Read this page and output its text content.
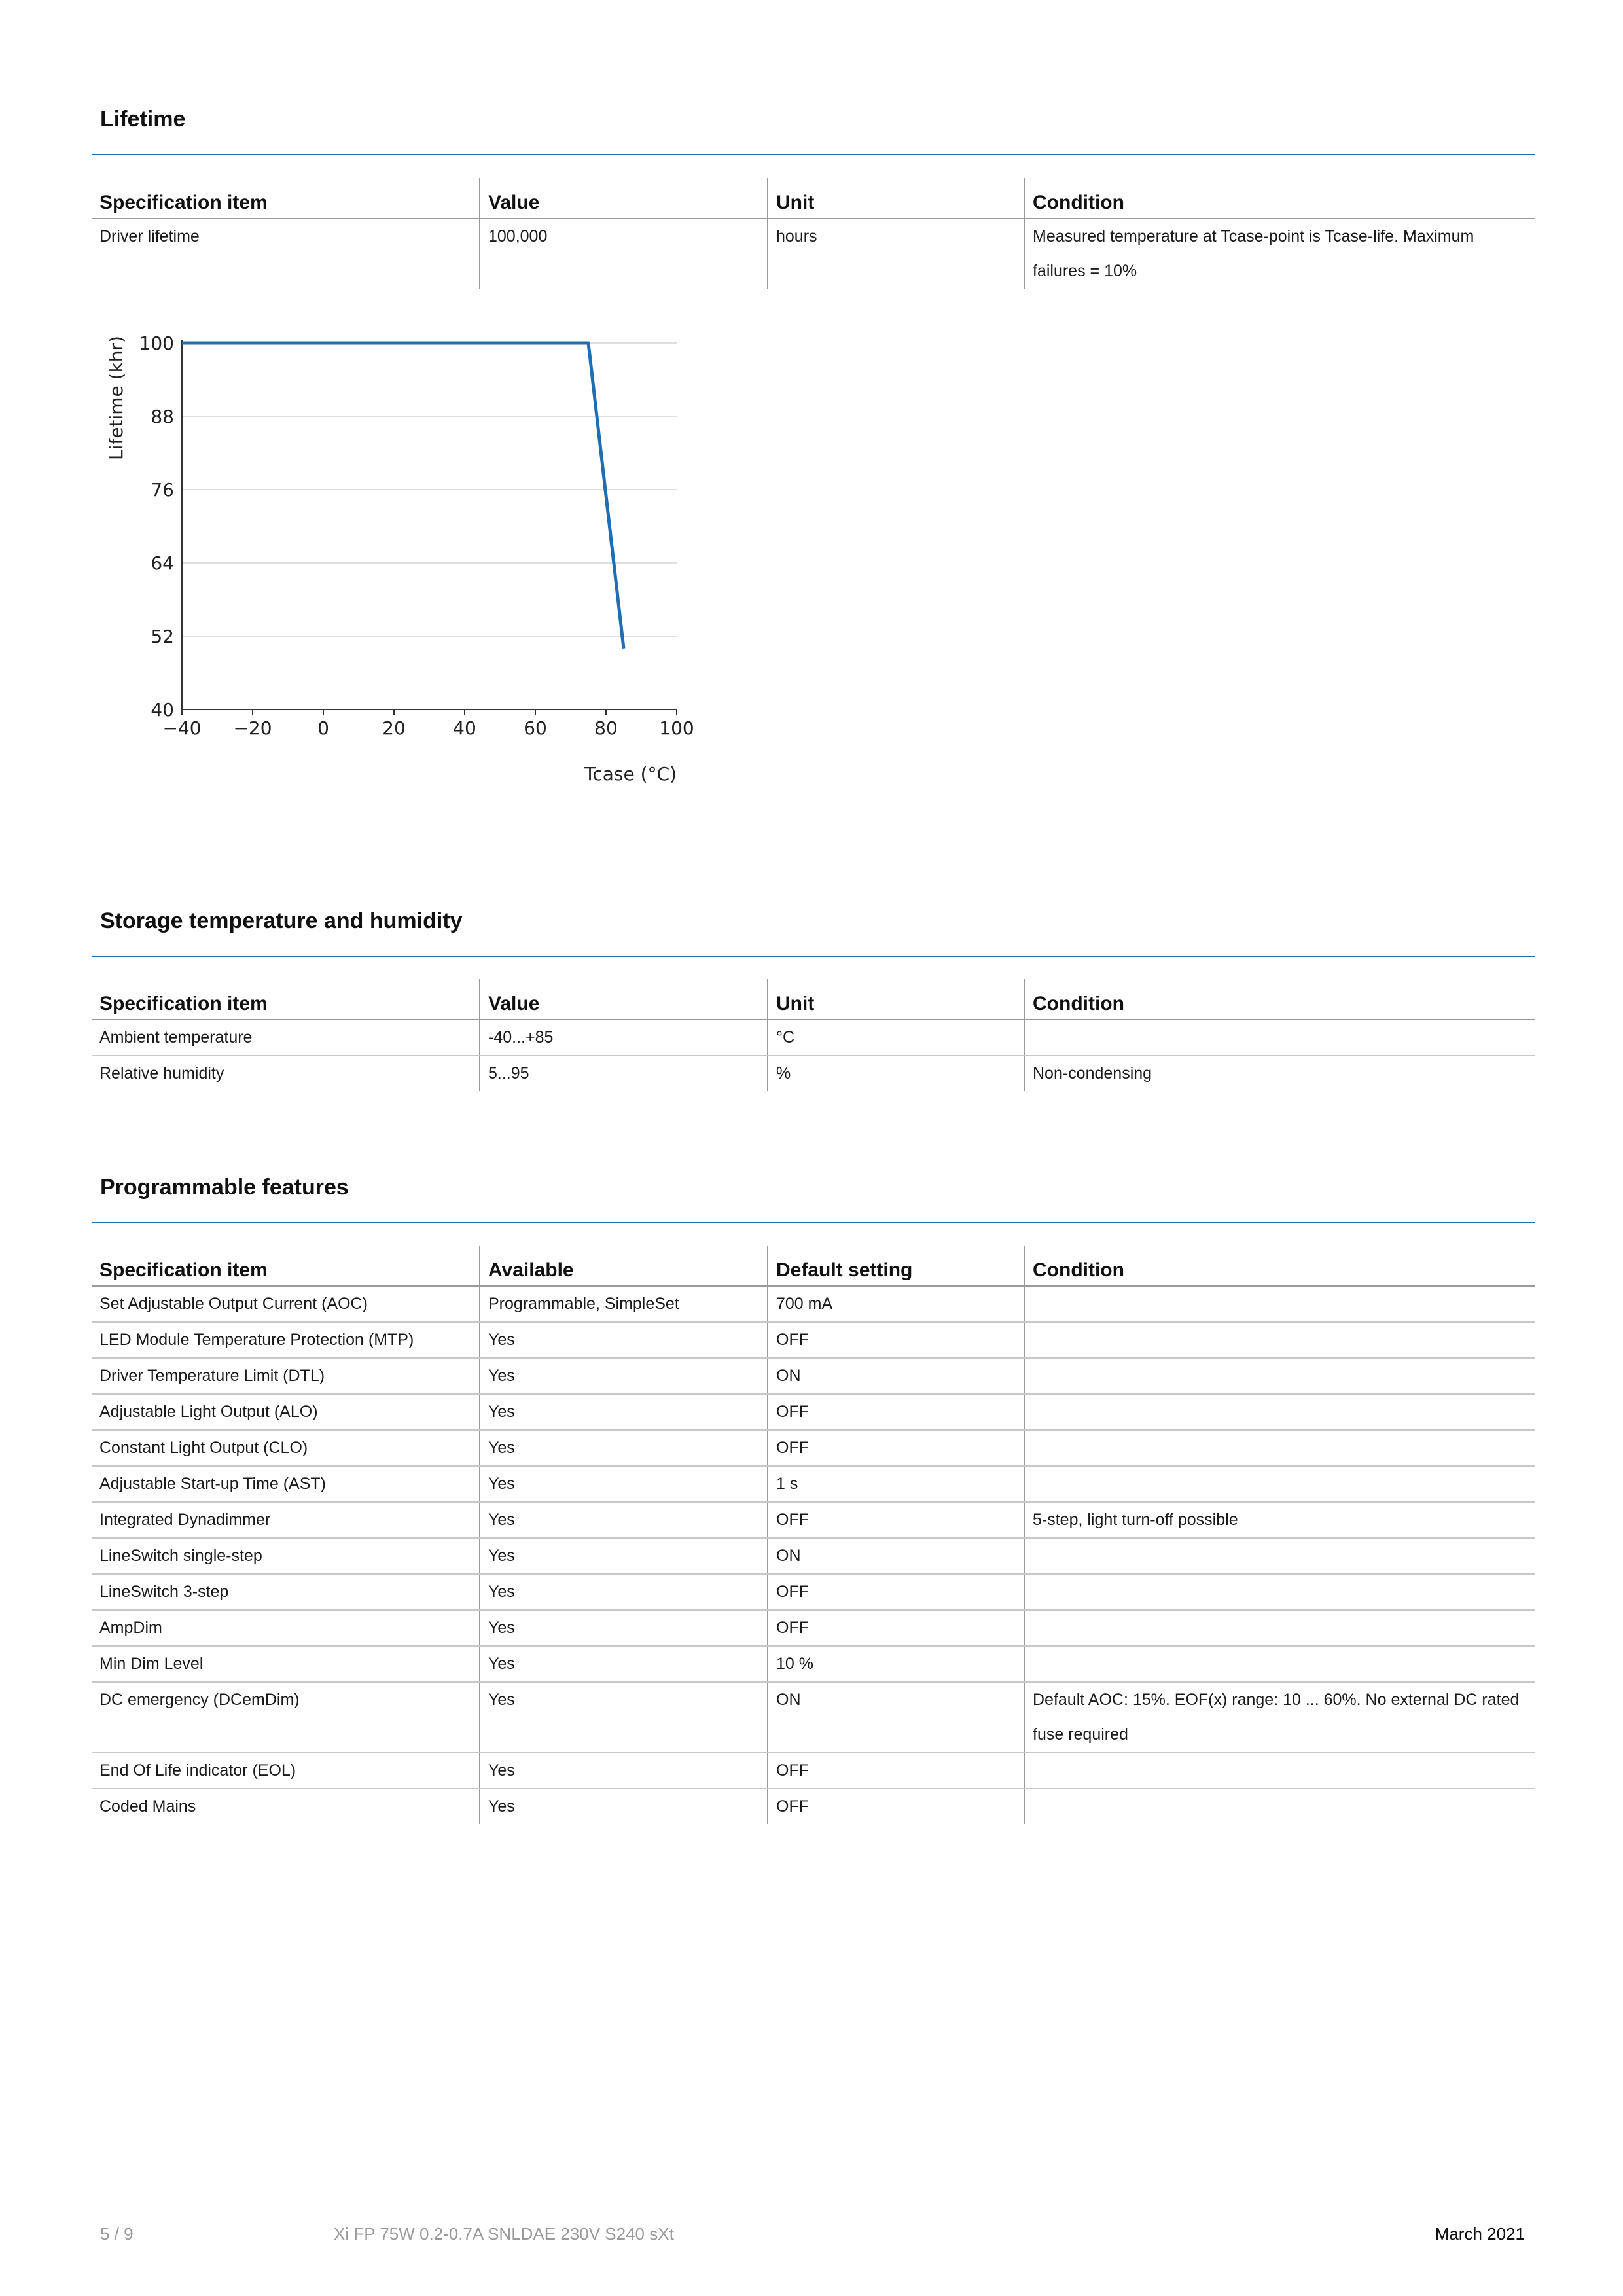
Lifetime
Specification item	Value	Unit	Condition
Driver lifetime	100,000	hours	Measured temperature at Tcase-point is Tcase-life. Maximum failures = 10%
40
52
64
76
88
100
−40 −20 0	20	40	60	80 100
Tcase (°C)
Lifetime (khr)
Storage temperature and humidity
Specification item	Value	Unit	Condition
Ambient temperature	-40...+85	°C	
Relative humidity	5...95	%	Non-condensing
Programmable features
Specification item	Available	Default setting	Condition
Set Adjustable Output Current (AOC)	Programmable, SimpleSet	700 mA	
LED Module Temperature Protection (MTP)	Yes	OFF	
Driver Temperature Limit (DTL)	Yes	ON	
Adjustable Light Output (ALO)	Yes	OFF	
Constant Light Output (CLO)	Yes	OFF	
Adjustable Start-up Time (AST)	Yes	1 s	
Integrated Dynadimmer	Yes	OFF	5-step, light turn-off possible
LineSwitch single-step	Yes	ON	
LineSwitch 3-step	Yes	OFF	
AmpDim	Yes	OFF	
Min Dim Level	Yes	10 %	
DC emergency (DCemDim)	Yes	ON	Default AOC: 15%. EOF(x) range: 10 ... 60%. No external DC rated fuse required
End Of Life indicator (EOL)	Yes	OFF	
Coded Mains	Yes	OFF	
5 / 9	Xi FP 75W 0.2-0.7A SNLDAE 230V S240 sXt	March 2021
